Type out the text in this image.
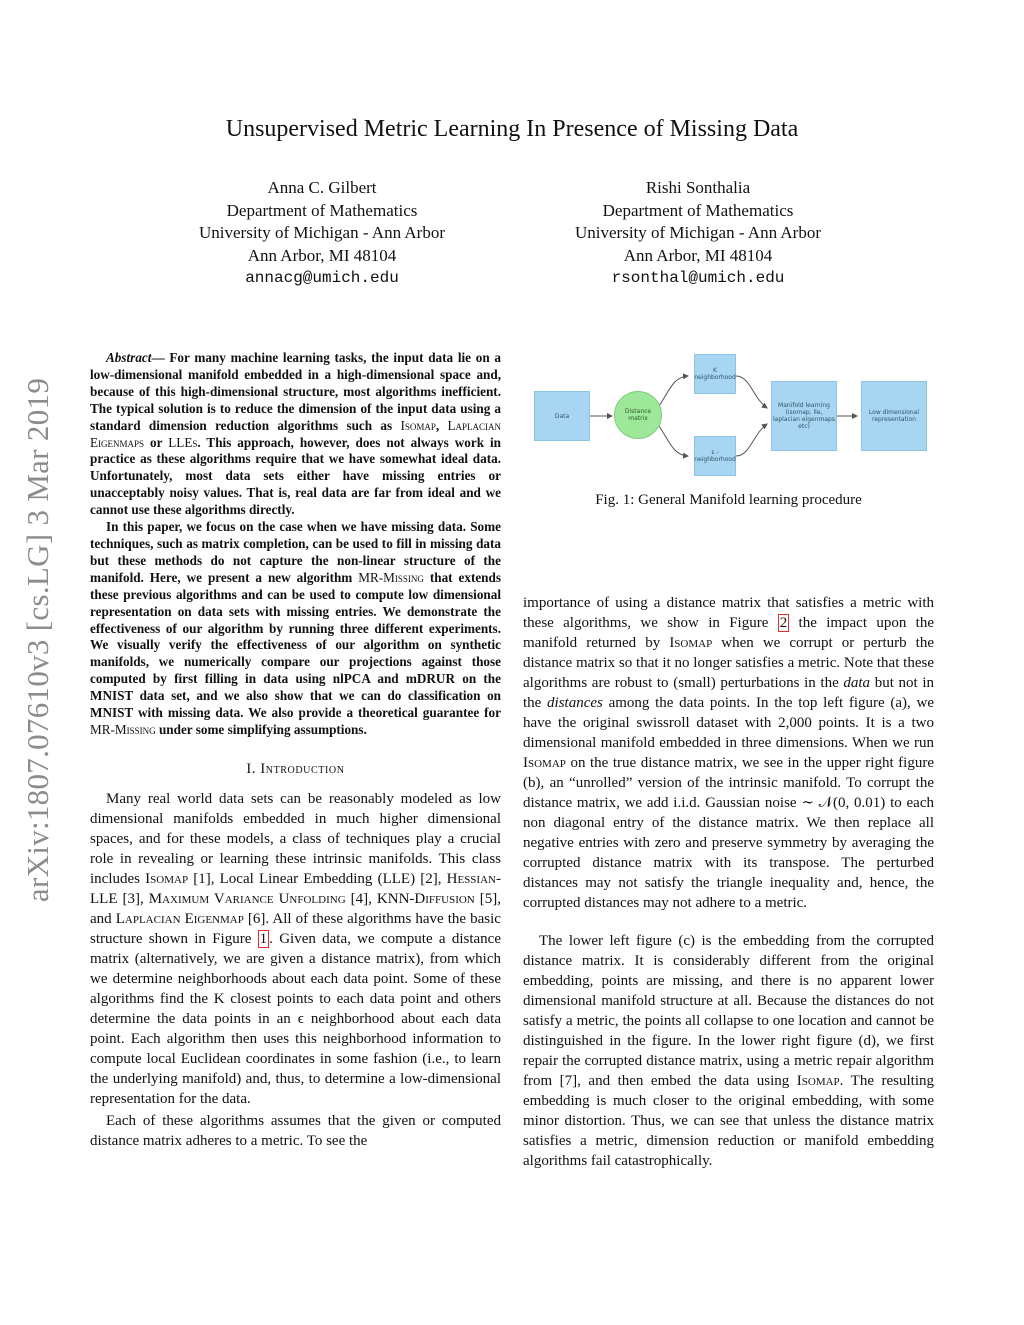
arXiv:1807.07610v3 [cs.LG] 3 Mar 2019
Unsupervised Metric Learning In Presence of Missing Data
Anna C. Gilbert
Department of Mathematics
University of Michigan - Ann Arbor
Ann Arbor, MI 48104
annacg@umich.edu
Rishi Sonthalia
Department of Mathematics
University of Michigan - Ann Arbor
Ann Arbor, MI 48104
rsonthal@umich.edu

Abstract— For many machine learning tasks, the input data lie on a low-dimensional manifold embedded in a high-dimensional space and, because of this high-dimensional structure, most algorithms inefficient. The typical solution is to reduce the dimension of the input data using a standard dimension reduction algorithms such as Isomap, Laplacian Eigenmaps or LLEs. This approach, however, does not always work in practice as these algorithms require that we have somewhat ideal data. Unfortunately, most data sets either have missing entries or unacceptably noisy values. That is, real data are far from ideal and we cannot use these algorithms directly.

In this paper, we focus on the case when we have missing data. Some techniques, such as matrix completion, can be used to fill in missing data but these methods do not capture the non-linear structure of the manifold. Here, we present a new algorithm MR-Missing that extends these previous algorithms and can be used to compute low dimensional representation on data sets with missing entries. We demonstrate the effectiveness of our algorithm by running three different experiments. We visually verify the effectiveness of our algorithm on synthetic manifolds, we numerically compare our projections against those computed by first filling in data using nlPCA and mDRUR on the MNIST data set, and we also show that we can do classification on MNIST with missing data. We also provide a theoretical guarantee for MR-Missing under some simplifying assumptions.

I. Introduction

Many real world data sets can be reasonably modeled as low dimensional manifolds embedded in much higher dimensional spaces, and for these models, a class of techniques play a crucial role in revealing or learning these intrinsic manifolds. This class includes Isomap [1], Local Linear Embedding (LLE) [2], Hessian-LLE [3], Maximum Variance Unfolding [4], KNN-Diffusion [5], and Laplacian Eigenmap [6]. All of these algorithms have the basic structure shown in Figure 1 . Given data, we compute a distance matrix (alternatively, we are given a distance matrix), from which we determine neighborhoods about each data point. Some of these algorithms find the K closest points to each data point and others determine the data points in an ϵ neighborhood about each data point. Each algorithm then uses this neighborhood information to compute local Euclidean coordinates in some fashion (i.e., to learn the underlying manifold) and, thus, to determine a low-dimensional representation for the data.

Each of these algorithms assumes that the given or computed distance matrix adheres to a metric. To see the

Data
Distance matrix
K neighborhood
ε - neighborhood
Manifold learning (isomap, lle, laplacian eigenmaps etc)
Low dimensional representation
Fig. 1: General Manifold learning procedure

importance of using a distance matrix that satisfies a metric with these algorithms, we show in Figure 2 the impact upon the manifold returned by Isomap when we corrupt or perturb the distance matrix so that it no longer satisfies a metric. Note that these algorithms are robust to (small) perturbations in the data but not in the distances among the data points. In the top left figure (a), we have the original swissroll dataset with 2,000 points. It is a two dimensional manifold embedded in three dimensions. When we run Isomap on the true distance matrix, we see in the upper right figure (b), an “unrolled” version of the intrinsic manifold. To corrupt the distance matrix, we add i.i.d. Gaussian noise ∼ 𝒩(0, 0.01) to each non diagonal entry of the distance matrix. We then replace all negative entries with zero and preserve symmetry by averaging the corrupted distance matrix with its transpose. The perturbed distances may not satisfy the triangle inequality and, hence, the corrupted distances may not adhere to a metric.

The lower left figure (c) is the embedding from the corrupted distance matrix. It is considerably different from the original embedding, points are missing, and there is no apparent lower dimensional manifold structure at all. Because the distances do not satisfy a metric, the points all collapse to one location and cannot be distinguished in the figure. In the lower right figure (d), we first repair the corrupted distance matrix, using a metric repair algorithm from [7], and then embed the data using Isomap. The resulting embedding is much closer to the original embedding, with some minor distortion. Thus, we can see that unless the distance matrix satisfies a metric, dimension reduction or manifold embedding algorithms fail catastrophically.
